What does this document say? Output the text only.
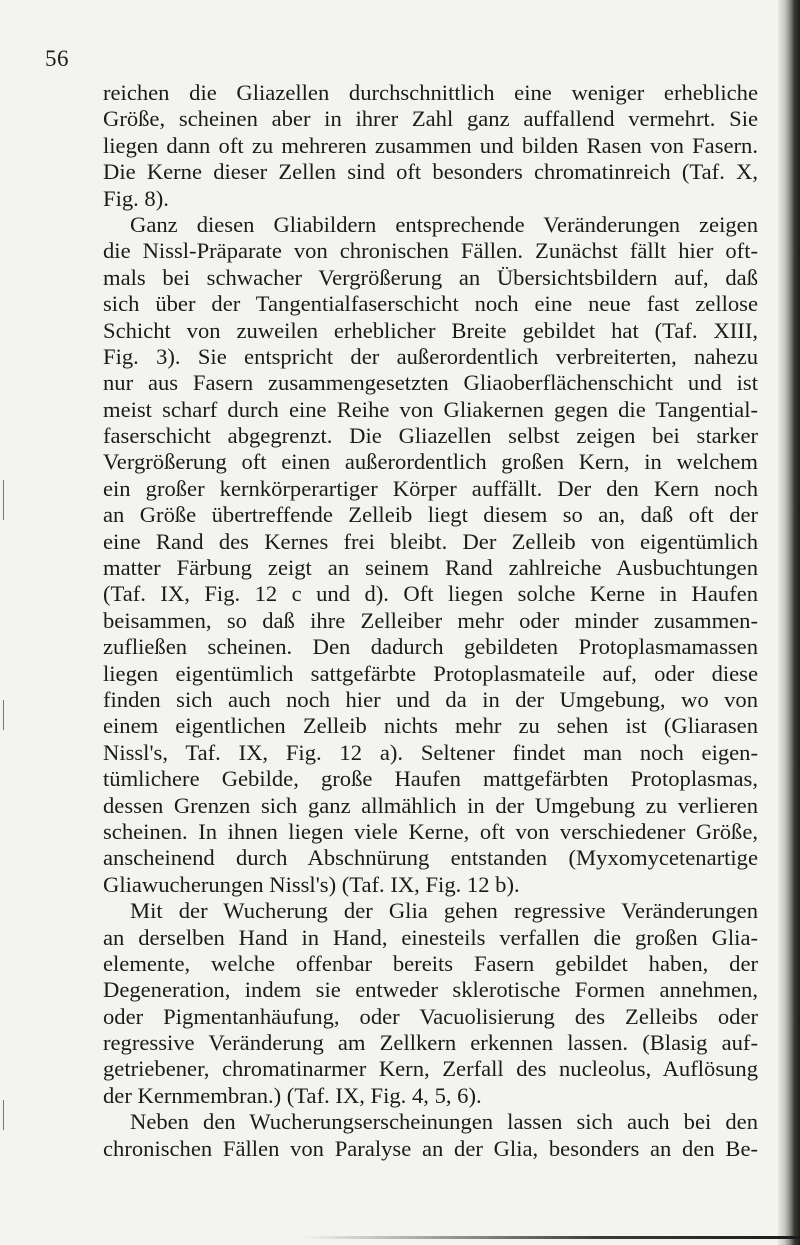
56
reichen die Gliazellen durchschnittlich eine weniger erhebliche
Größe, scheinen aber in ihrer Zahl ganz auffallend vermehrt. Sie
liegen dann oft zu mehreren zusammen und bilden Rasen von Fasern.
Die Kerne dieser Zellen sind oft besonders chromatinreich (Taf. X,
Fig. 8).
Ganz diesen Gliabildern entsprechende Veränderungen zeigen
die Nissl-Präparate von chronischen Fällen. Zunächst fällt hier oft-
mals bei schwacher Vergrößerung an Übersichtsbildern auf, daß
sich über der Tangentialfaserschicht noch eine neue fast zellose
Schicht von zuweilen erheblicher Breite gebildet hat (Taf. XIII,
Fig. 3). Sie entspricht der außerordentlich verbreiterten, nahezu
nur aus Fasern zusammengesetzten Gliaoberflächenschicht und ist
meist scharf durch eine Reihe von Gliakernen gegen die Tangential-
faserschicht abgegrenzt. Die Gliazellen selbst zeigen bei starker
Vergrößerung oft einen außerordentlich großen Kern, in welchem
ein großer kernkörperartiger Körper auffällt. Der den Kern noch
an Größe übertreffende Zelleib liegt diesem so an, daß oft der
eine Rand des Kernes frei bleibt. Der Zelleib von eigentümlich
matter Färbung zeigt an seinem Rand zahlreiche Ausbuchtungen
(Taf. IX, Fig. 12 c und d). Oft liegen solche Kerne in Haufen
beisammen, so daß ihre Zelleiber mehr oder minder zusammen-
zufließen scheinen. Den dadurch gebildeten Protoplasmamassen
liegen eigentümlich sattgefärbte Protoplasmateile auf, oder diese
finden sich auch noch hier und da in der Umgebung, wo von
einem eigentlichen Zelleib nichts mehr zu sehen ist (Gliarasen
Nissl's, Taf. IX, Fig. 12 a). Seltener findet man noch eigen-
tümlichere Gebilde, große Haufen mattgefärbten Protoplasmas,
dessen Grenzen sich ganz allmählich in der Umgebung zu verlieren
scheinen. In ihnen liegen viele Kerne, oft von verschiedener Größe,
anscheinend durch Abschnürung entstanden (Myxomycetenartige
Gliawucherungen Nissl's) (Taf. IX, Fig. 12 b).
Mit der Wucherung der Glia gehen regressive Veränderungen
an derselben Hand in Hand, einesteils verfallen die großen Glia-
elemente, welche offenbar bereits Fasern gebildet haben, der
Degeneration, indem sie entweder sklerotische Formen annehmen,
oder Pigmentanhäufung, oder Vacuolisierung des Zelleibs oder
regressive Veränderung am Zellkern erkennen lassen. (Blasig auf-
getriebener, chromatinarmer Kern, Zerfall des nucleolus, Auflösung
der Kernmembran.) (Taf. IX, Fig. 4, 5, 6).
Neben den Wucherungserscheinungen lassen sich auch bei den
chronischen Fällen von Paralyse an der Glia, besonders an den Be-
